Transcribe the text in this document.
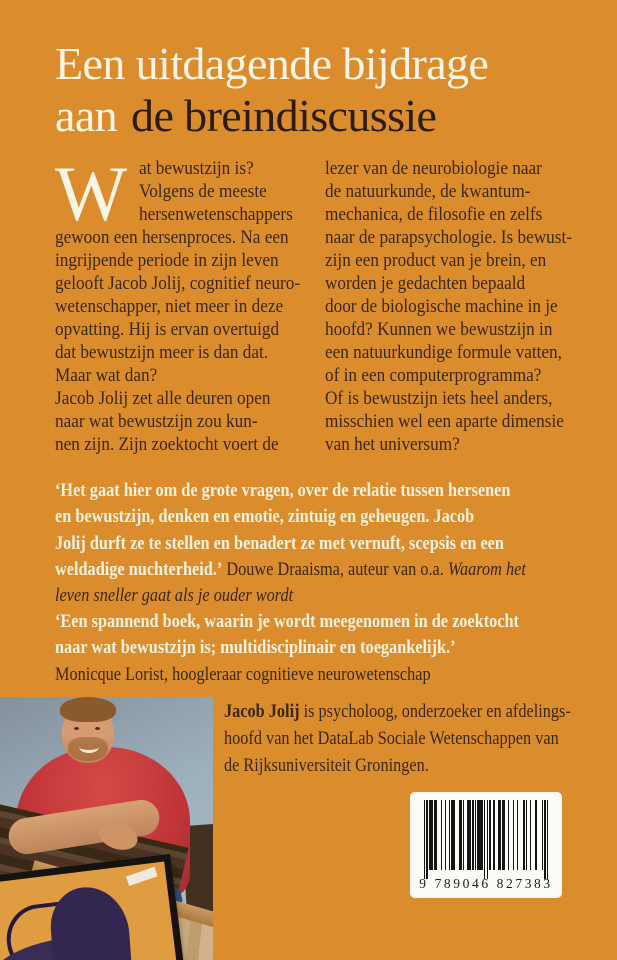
Een uitdagende bijdrage
aan de breindiscussie
W at bewustzijn is?
Volgens de meeste
hersenwetenschappers
gewoon een hersenproces. Na een
ingrijpende periode in zijn leven
gelooft Jacob Jolij, cognitief neuro-
wetenschapper, niet meer in deze
opvatting. Hij is ervan overtuigd
dat bewustzijn meer is dan dat.
Maar wat dan?
Jacob Jolij zet alle deuren open
naar wat bewustzijn zou kun-
nen zijn. Zijn zoektocht voert de
lezer van de neurobiologie naar
de natuurkunde, de kwantum-
mechanica, de filosofie en zelfs
naar de parapsychologie. Is bewust-
zijn een product van je brein, en
worden je gedachten bepaald
door de biologische machine in je
hoofd? Kunnen we bewustzijn in
een natuurkundige formule vatten,
of in een computerprogramma?
Of is bewustzijn iets heel anders,
misschien wel een aparte dimensie
van het universum?
‘Het gaat hier om de grote vragen, over de relatie tussen hersenen
en bewustzijn, denken en emotie, zintuig en geheugen. Jacob
Jolij durft ze te stellen en benadert ze met vernuft, scepsis en een
weldadige nuchterheid.’ Douwe Draaisma, auteur van o.a. Waarom het
leven sneller gaat als je ouder wordt
‘Een spannend boek, waarin je wordt meegenomen in de zoektocht
naar wat bewustzijn is; multidisciplinair en toegankelijk.’
Monicque Lorist, hoogleraar cognitieve neurowetenschap
Jacob Jolij is psycholoog, onderzoeker en afdelings-
hoofd van het DataLab Sociale Wetenschappen van
de Rijksuniversiteit Groningen.
9 789046 827383
